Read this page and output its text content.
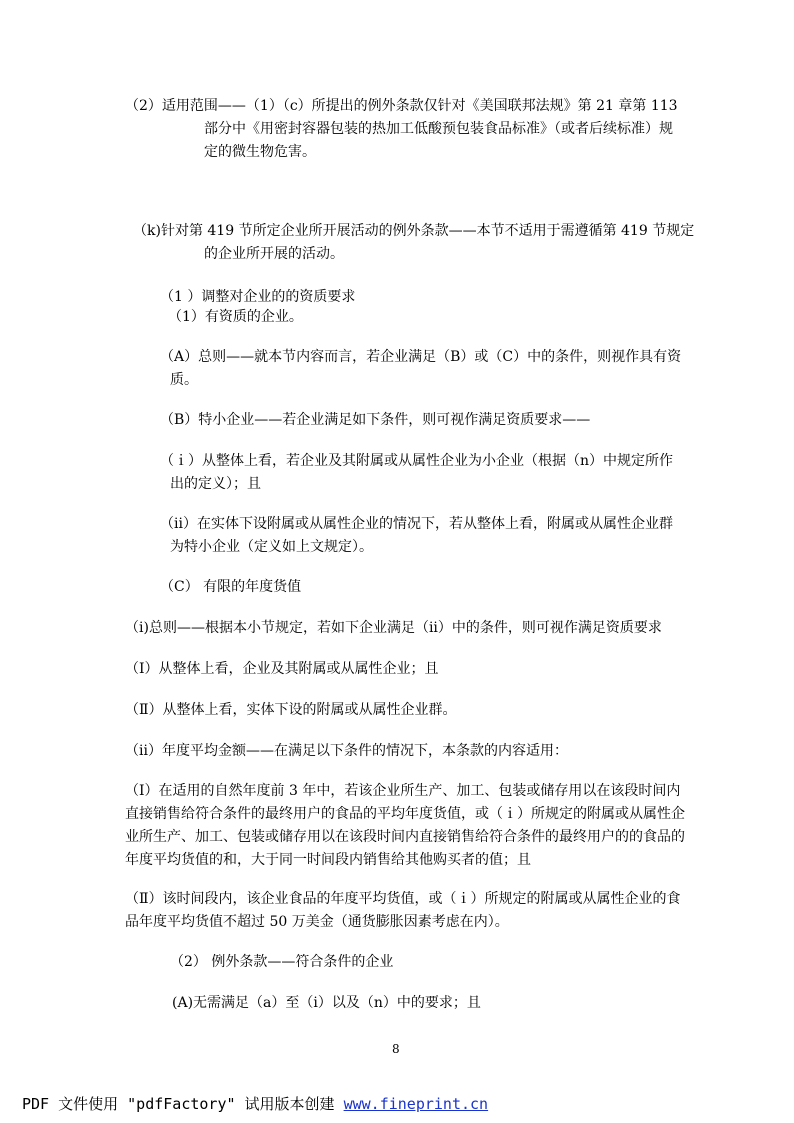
（2）适用范围——（1）（c）所提出的例外条款仅针对《美国联邦法规》第 21 章第 113
部分中《用密封容器包装的热加工低酸预包装食品标准》（或者后续标准）规
定的微生物危害。
（k)针对第 419 节所定企业所开展活动的例外条款——本节不适用于需遵循第 419 节规定
的企业所开展的活动。
（1 ）调整对企业的的资质要求
（1）有资质的企业。
（A）总则——就本节内容而言，若企业满足（B）或（C）中的条件，则视作具有资
质。
（B）特小企业——若企业满足如下条件，则可视作满足资质要求——
（ｉ）从整体上看，若企业及其附属或从属性企业为小企业（根据（n）中规定所作
出的定义）；且
（ii）在实体下设附属或从属性企业的情况下，若从整体上看，附属或从属性企业群
为特小企业（定义如上文规定）。
（C） 有限的年度货值
（i)总则——根据本小节规定，若如下企业满足（ii）中的条件，则可视作满足资质要求
（Ⅰ）从整体上看，企业及其附属或从属性企业；且
（Ⅱ）从整体上看，实体下设的附属或从属性企业群。
（ii）年度平均金额——在满足以下条件的情况下，本条款的内容适用：
（Ⅰ）在适用的自然年度前 3 年中，若该企业所生产、加工、包装或储存用以在该段时间内
直接销售给符合条件的最终用户的食品的平均年度货值，或（ｉ）所规定的附属或从属性企
业所生产、加工、包装或储存用以在该段时间内直接销售给符合条件的最终用户的的食品的
年度平均货值的和，大于同一时间段内销售给其他购买者的值；且
（Ⅱ）该时间段内，该企业食品的年度平均货值，或（ｉ）所规定的附属或从属性企业的食
品年度平均货值不超过 50 万美金（通货膨胀因素考虑在内）。
（2） 例外条款——符合条件的企业
(A)无需满足（a）至（i）以及（n）中的要求；且
8
PDF 文件使用 "pdfFactory" 试用版本创建 www.fineprint.cn
